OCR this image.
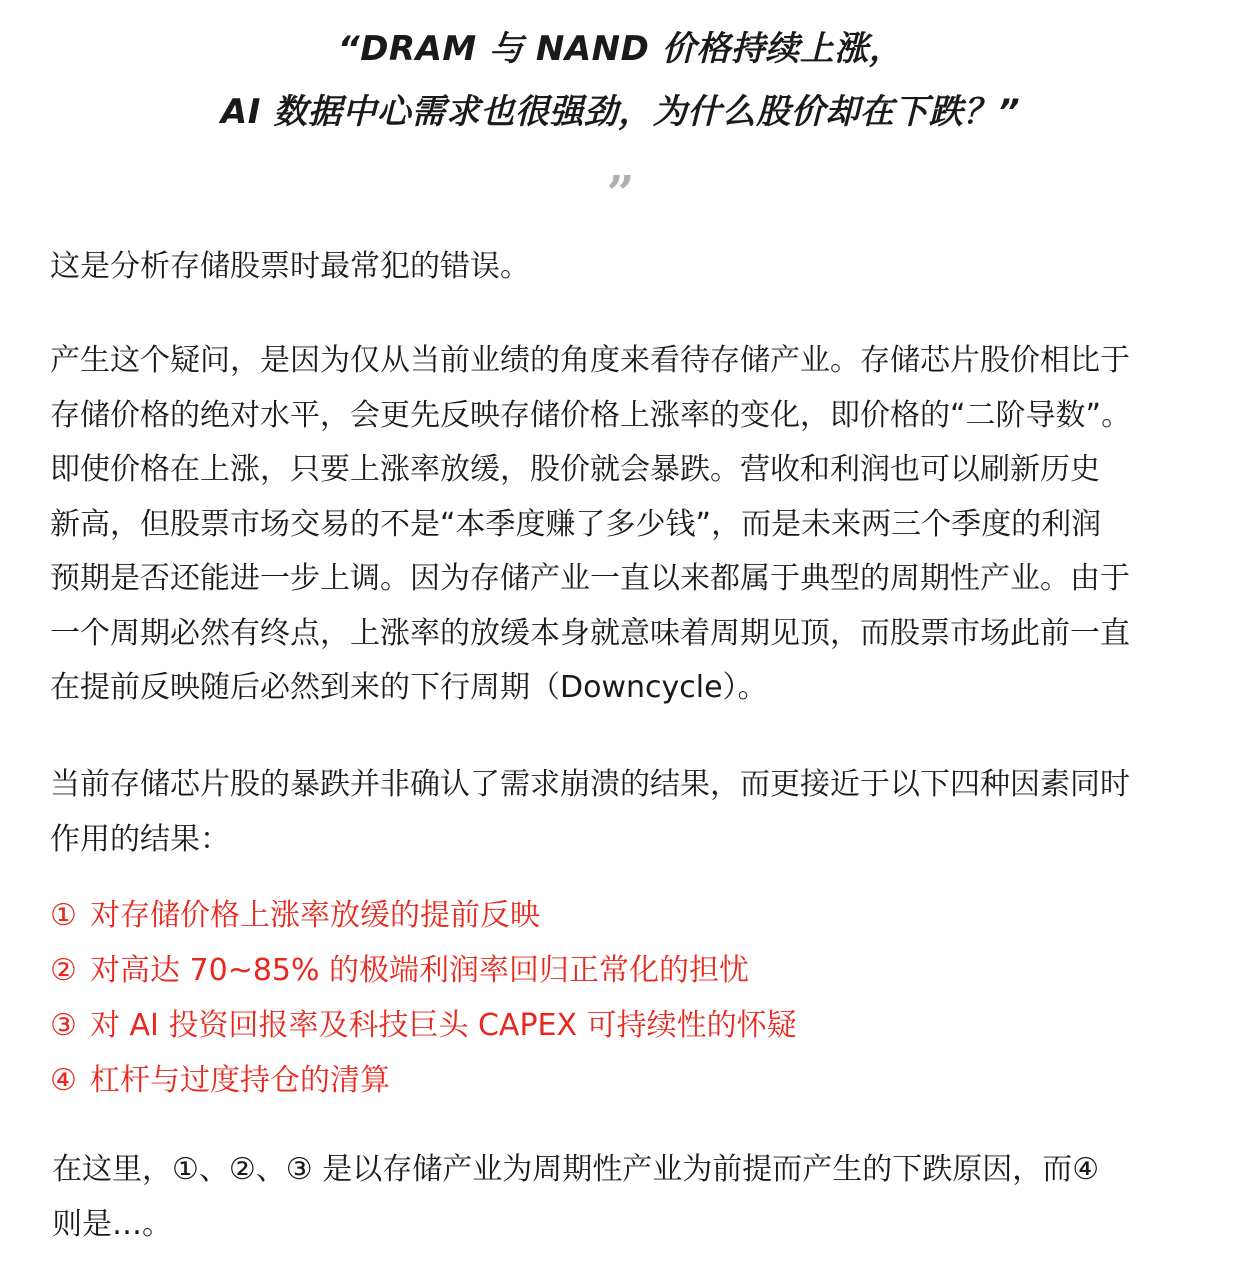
“DRAM 与 NAND 价格持续上涨，
AI 数据中心需求也很强劲，为什么股价却在下跌？”
”
这是分析存储股票时最常犯的错误。
产生这个疑问，是因为仅从当前业绩的角度来看待存储产业。存储芯片股价相比于
存储价格的绝对水平，会更先反映存储价格上涨率的变化，即价格的“二阶导数”。
即使价格在上涨，只要上涨率放缓，股价就会暴跌。营收和利润也可以刷新历史
新高，但股票市场交易的不是“本季度赚了多少钱”，而是未来两三个季度的利润
预期是否还能进一步上调。因为存储产业一直以来都属于典型的周期性产业。由于
一个周期必然有终点，上涨率的放缓本身就意味着周期见顶，而股票市场此前一直
在提前反映随后必然到来的下行周期（Downcycle）。
当前存储芯片股的暴跌并非确认了需求崩溃的结果，而更接近于以下四种因素同时
作用的结果：
① 对存储价格上涨率放缓的提前反映
② 对高达 70~85% 的极端利润率回归正常化的担忧
③ 对 AI 投资回报率及科技巨头 CAPEX 可持续性的怀疑
④ 杠杆与过度持仓的清算
在这里，①、②、③ 是以存储产业为周期性产业为前提而产生的下跌原因，而④
则是…。
